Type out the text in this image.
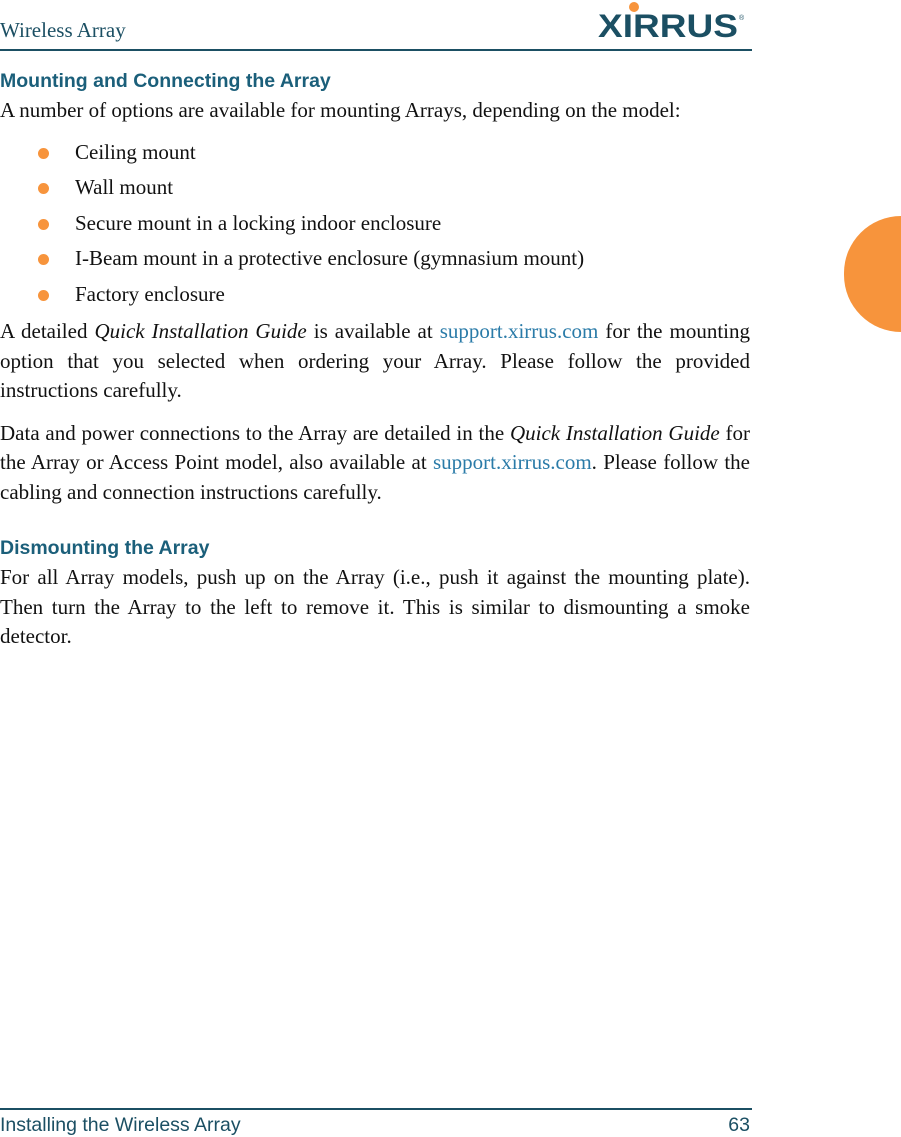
Wireless Array	XIRRUS ®
Mounting and Connecting the Array

A number of options are available for mounting Arrays, depending on the model:

Ceiling mount
Wall mount
Secure mount in a locking indoor enclosure
I-Beam mount in a protective enclosure (gymnasium mount)
Factory enclosure

A detailed Quick Installation Guide is available at support.xirrus.com for the mounting option that you selected when ordering your Array. Please follow the provided instructions carefully.

Data and power connections to the Array are detailed in the Quick Installation Guide for the Array or Access Point model, also available at support.xirrus.com. Please follow the cabling and connection instructions carefully.

Dismounting the Array

For all Array models, push up on the Array (i.e., push it against the mounting plate). Then turn the Array to the left to remove it. This is similar to dismounting a smoke detector.

Installing the Wireless Array	63
